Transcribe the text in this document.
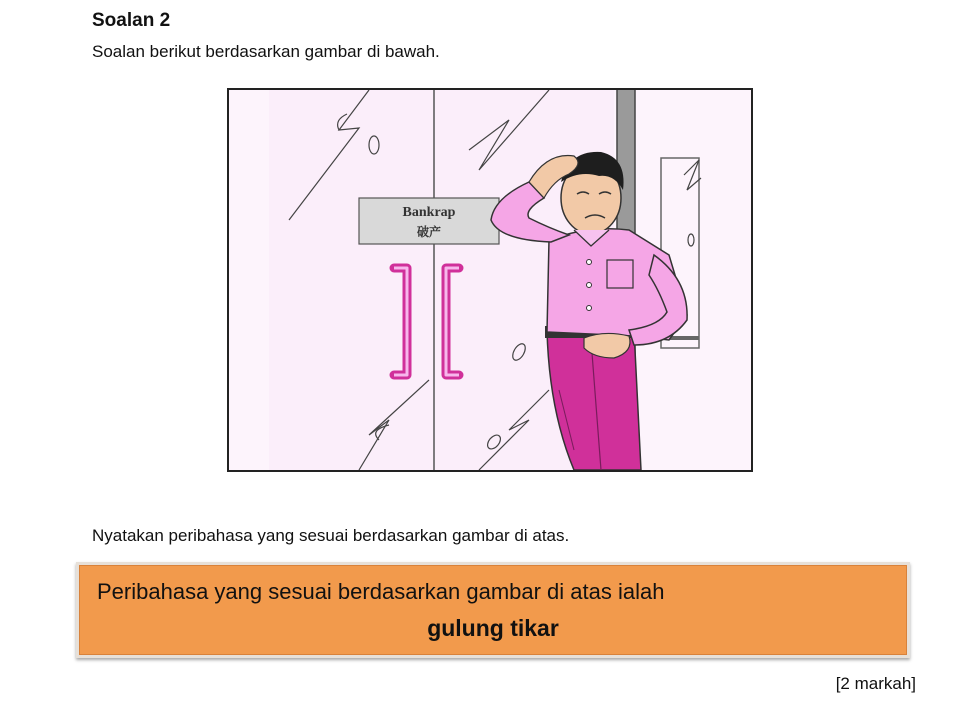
Soalan 2
Soalan berikut berdasarkan gambar di bawah.
Bankrap
破产
Nyatakan peribahasa yang sesuai berdasarkan gambar di atas.
Peribahasa yang sesuai berdasarkan gambar di atas ialah
gulung tikar
[2 markah]
